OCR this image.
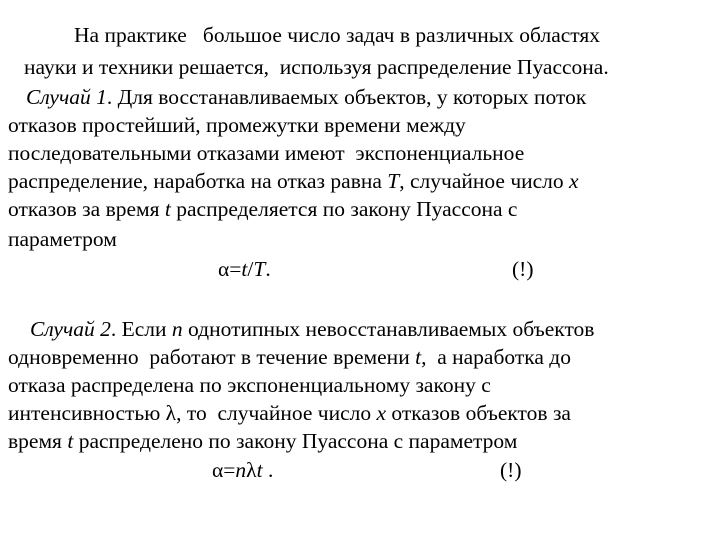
На практике   большое число задач в различных областях
науки и техники решается,  используя распределение Пуассона.
Случай 1. Для восстанавливаемых объектов, у которых поток
отказов простейший, промежутки времени между
последовательными отказами имеют  экспоненциальное
распределение, наработка на отказ равна T, случайное число x
отказов за время t распределяется по закону Пуассона с
параметром
α=t/T.	(!)
Случай 2. Если n однотипных невосстанавливаемых объектов
одновременно  работают в течение времени t,  а наработка до
отказа распределена по экспоненциальному закону с
интенсивностью λ, то  случайное число x отказов объектов за
время t распределено по закону Пуассона с параметром
α=nλt .	(!)
